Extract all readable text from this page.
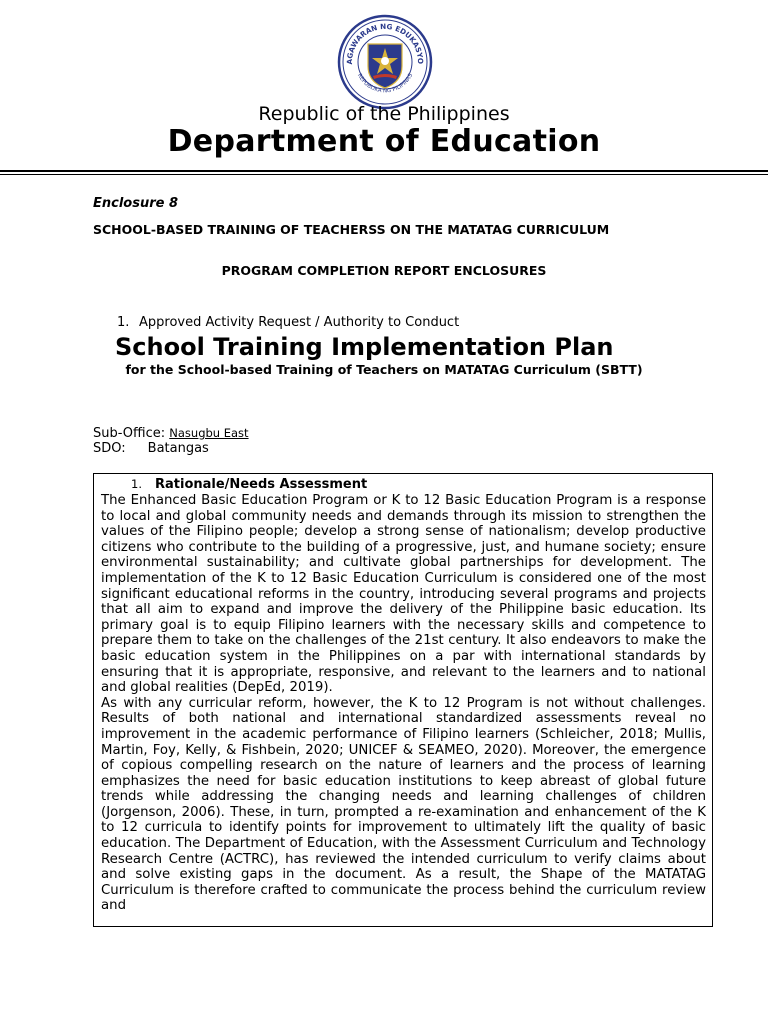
AGAWARAN NG EDUKASYO
REPUBLIKA NG PILIPINAS
Republic of the Philippines
Department of Education
Enclosure 8
SCHOOL-BASED TRAINING OF TEACHERSS ON THE MATATAG CURRICULUM
PROGRAM COMPLETION REPORT ENCLOSURES
1. Approved Activity Request / Authority to Conduct
School Training Implementation Plan
for the School-based Training of Teachers on MATATAG Curriculum (SBTT)
Sub-Office: Nasugbu East
SDO: Batangas
1. Rationale/Needs Assessment

The Enhanced Basic Education Program or K to 12 Basic Education Program is a response to local and global community needs and demands through its mission to strengthen the values of the Filipino people; develop a strong sense of nationalism; develop productive citizens who contribute to the building of a progressive, just, and humane society; ensure environmental sustainability; and cultivate global partnerships for development. The implementation of the K to 12 Basic Education Curriculum is considered one of the most significant educational reforms in the country, introducing several programs and projects that all aim to expand and improve the delivery of the Philippine basic education. Its primary goal is to equip Filipino learners with the necessary skills and competence to prepare them to take on the challenges of the 21st century. It also endeavors to make the basic education system in the Philippines on a par with international standards by ensuring that it is appropriate, responsive, and relevant to the learners and to national and global realities (DepEd, 2019).

As with any curricular reform, however, the K to 12 Program is not without challenges. Results of both national and international standardized assessments reveal no improvement in the academic performance of Filipino learners (Schleicher, 2018; Mullis, Martin, Foy, Kelly, & Fishbein, 2020; UNICEF & SEAMEO, 2020). Moreover, the emergence of copious compelling research on the nature of learners and the process of learning emphasizes the need for basic education institutions to keep abreast of global future trends while addressing the changing needs and learning challenges of children (Jorgenson, 2006). These, in turn, prompted a re-examination and enhancement of the K to 12 curricula to identify points for improvement to ultimately lift the quality of basic education. The Department of Education, with the Assessment Curriculum and Technology Research Centre (ACTRC), has reviewed the intended curriculum to verify claims about and solve existing gaps in the document. As a result, the Shape of the MATATAG Curriculum is therefore crafted to communicate the process behind the curriculum review and
